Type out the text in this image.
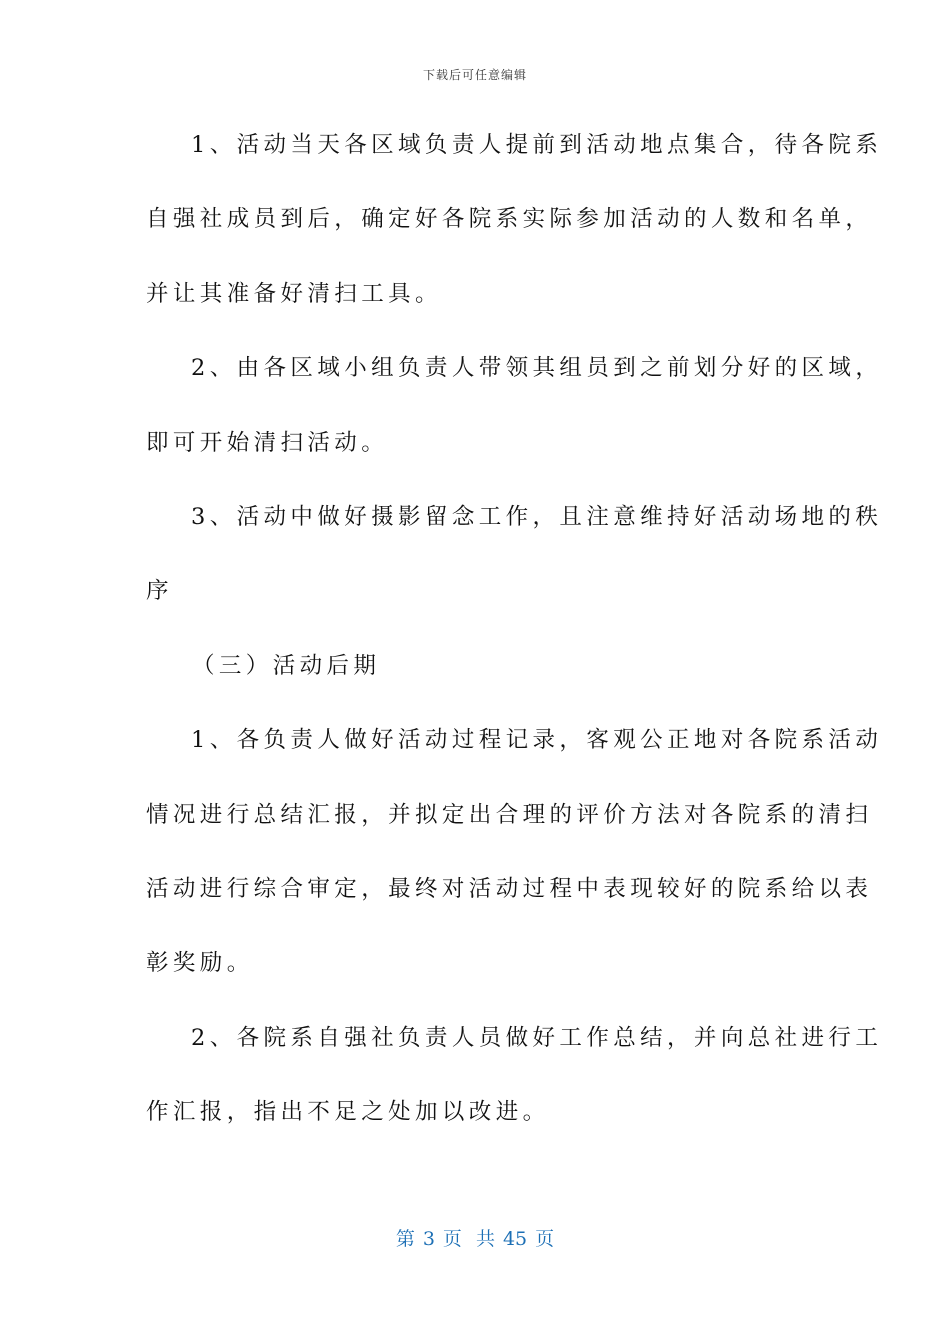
下载后可任意编辑

1、活动当天各区域负责人提前到活动地点集合，待各院系

自强社成员到后，确定好各院系实际参加活动的人数和名单，

并让其准备好清扫工具。

2、由各区域小组负责人带领其组员到之前划分好的区域，

即可开始清扫活动。

3、活动中做好摄影留念工作，且注意维持好活动场地的秩

序

（三）活动后期

1、各负责人做好活动过程记录，客观公正地对各院系活动

情况进行总结汇报，并拟定出合理的评价方法对各院系的清扫

活动进行综合审定，最终对活动过程中表现较好的院系给以表

彰奖励。

2、各院系自强社负责人员做好工作总结，并向总社进行工

作汇报，指出不足之处加以改进。

第 3 页 共 45 页
